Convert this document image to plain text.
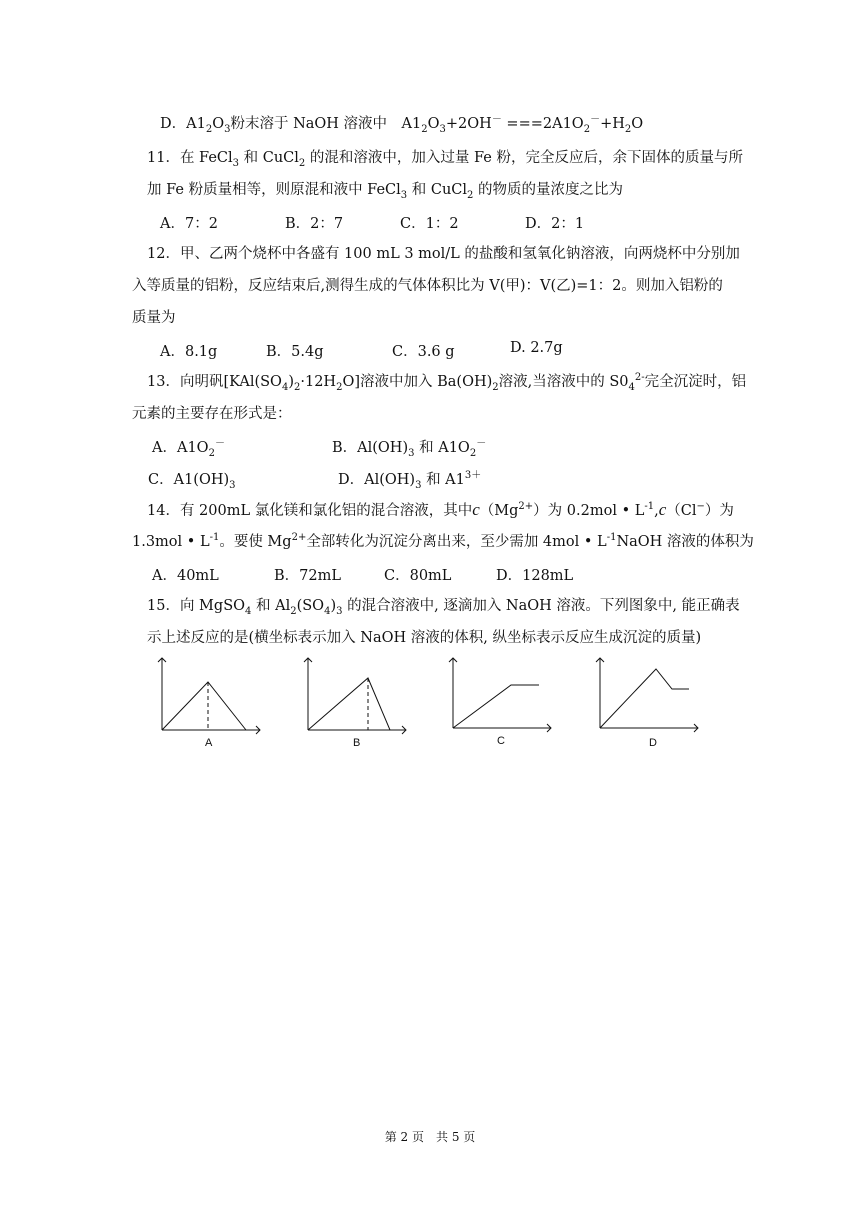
D．$A1_2O_3$粉末溶于 NaOH 溶液中　$A1_2O_3+2OH^- ===2A1O_2^-+H_2O$
11．在 FeCl$_3$ 和 CuCl$_2$ 的混和溶液中，加入过量 Fe 粉，完全反应后，余下固体的质量与所
加 Fe 粉质量相等，则原混和液中 FeCl$_3$ 和 CuCl$_2$ 的物质的量浓度之比为
A．7：2	B．2：7	C．1：2	D．2：1
12．甲、乙两个烧杯中各盛有 100 mL 3 mol/L 的盐酸和氢氧化钠溶液，向两烧杯中分别加
入等质量的铝粉，反应结束后,测得生成的气体体积比为 V(甲)：V(乙)=1：2。则加入铝粉的
质量为
A．8.1g	B．5.4g	C．3.6 g	D. 2.7g
13．向明矾$[KAl(SO_4)_2\cdot 12H_2O]$溶液中加入 $Ba(OH)_2$溶液,当溶液中的 $S0_4^{2-}$完全沉淀时，铝
元素的主要存在形式是：
A．$A1O_2^-$	B．$Al(OH)_3$ 和 $A1O_2^-$
C．$A1(OH)_3$	D．$Al(OH)_3$ 和 $A1^{3+}$
14．有 200mL 氯化镁和氯化铝的混合溶液，其中$c(Mg^{2+})$为 0.2mol • $L^{-1},c(Cl^-)$为
1.3mol • $L^{-1}$。要使 $Mg^{2+}$全部转化为沉淀分离出来，至少需加 4mol • $L^{-1}NaOH$ 溶液的体积为
A．40mL	B．72mL	C．80mL	D．128mL
15．向 MgSO$_4$ 和 $Al_2(SO_4)_3$ 的混合溶液中, 逐滴加入 NaOH 溶液。下列图象中, 能正确表
示上述反应的是(横坐标表示加入 NaOH 溶液的体积, 纵坐标表示反应生成沉淀的质量)
A	B	C	D
第 2 页　共 5 页
